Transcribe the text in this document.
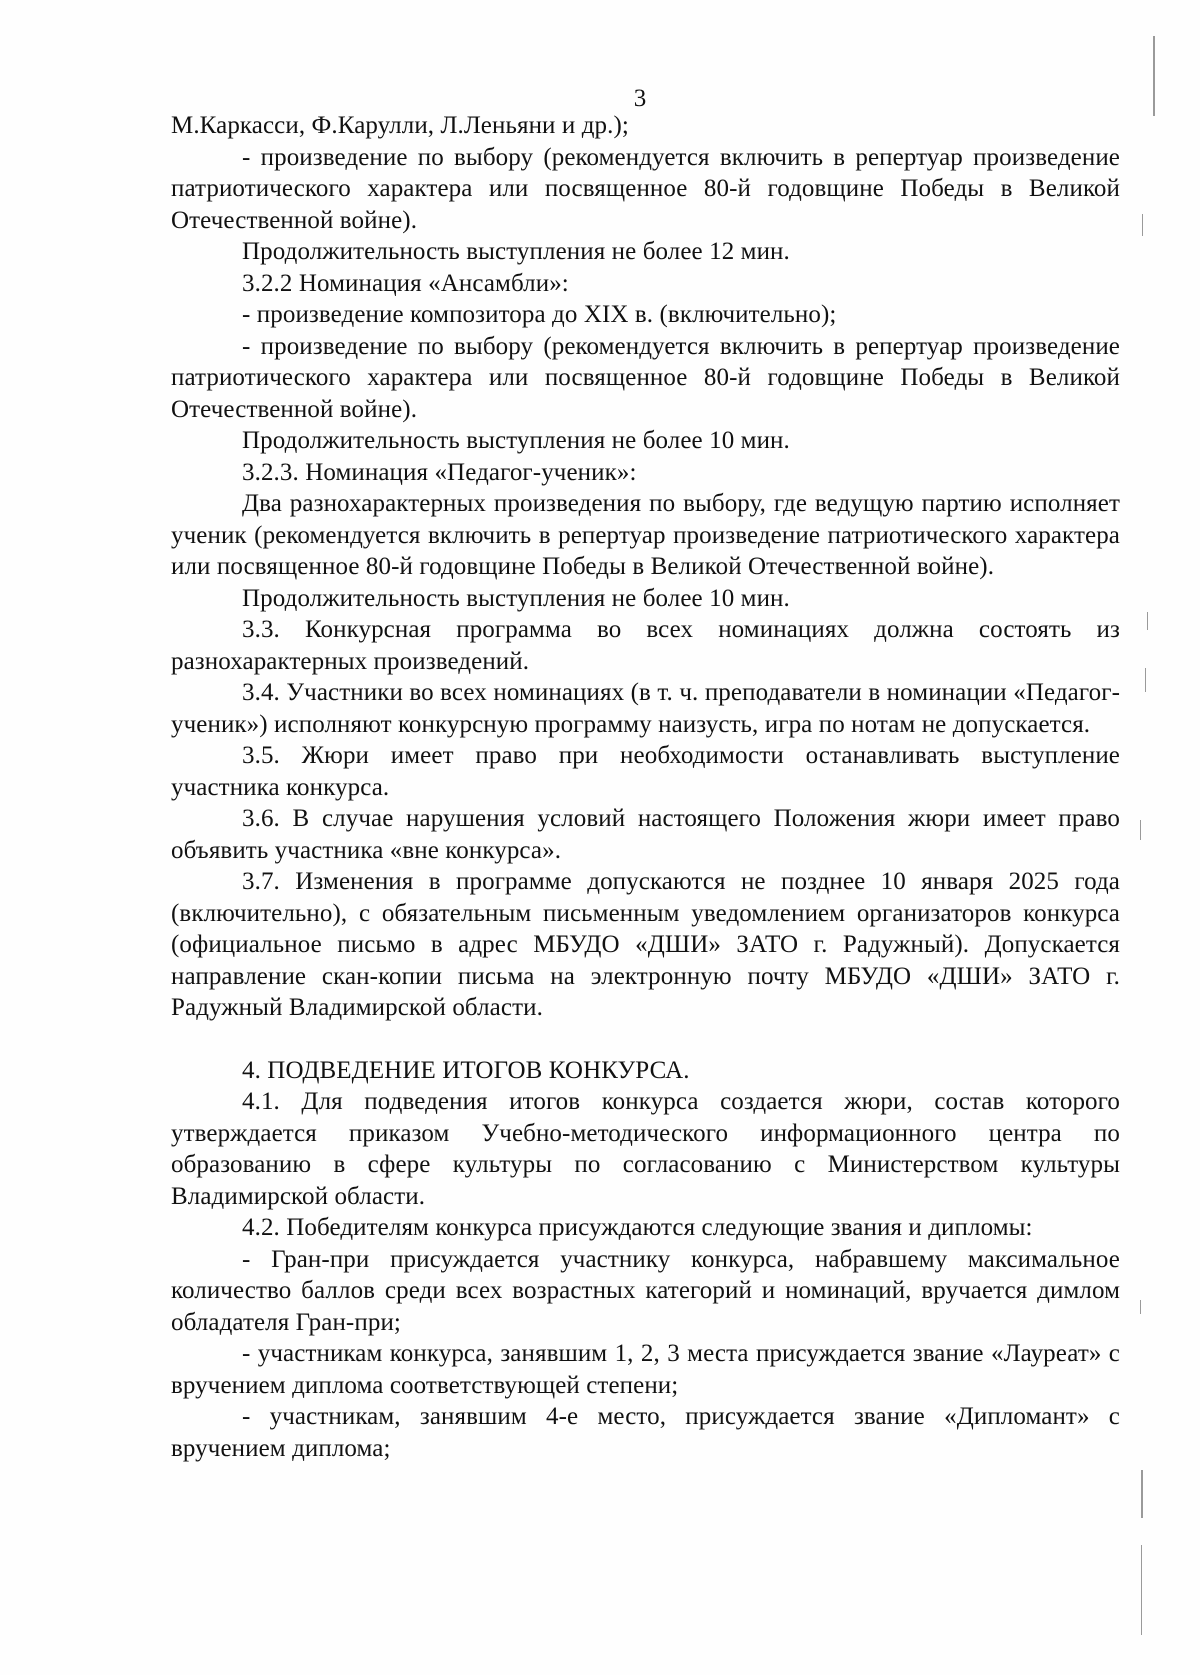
3

М.Каркасси, Ф.Карулли, Л.Леньяни и др.);

- произведение по выбору (рекомендуется включить в репертуар произведение патриотического характера или посвященное 80-й годовщине Победы в Великой Отечественной войне).

Продолжительность выступления не более 12 мин.

3.2.2 Номинация «Ансамбли»:

- произведение композитора до XIX в. (включительно);

- произведение по выбору (рекомендуется включить в репертуар произведение патриотического характера или посвященное 80-й годовщине Победы в Великой Отечественной войне).

Продолжительность выступления не более 10 мин.

3.2.3. Номинация «Педагог-ученик»:

Два разнохарактерных произведения по выбору, где ведущую партию исполняет ученик (рекомендуется включить в репертуар произведение патриотического характера или посвященное 80-й годовщине Победы в Великой Отечественной войне).

Продолжительность выступления не более 10 мин.

3.3. Конкурсная программа во всех номинациях должна состоять из разнохарактерных произведений.

3.4. Участники во всех номинациях (в т. ч. преподаватели в номинации «Педагог-ученик») исполняют конкурсную программу наизусть, игра по нотам не допускается.

3.5. Жюри имеет право при необходимости останавливать выступление участника конкурса.

3.6. В случае нарушения условий настоящего Положения жюри имеет право объявить участника «вне конкурса».

3.7. Изменения в программе допускаются не позднее 10 января 2025 года (включительно), с обязательным письменным уведомлением организаторов конкурса (официальное письмо в адрес МБУДО «ДШИ» ЗАТО г. Радужный). Допускается направление скан-копии письма на электронную почту МБУДО «ДШИ» ЗАТО г. Радужный Владимирской области.

4. ПОДВЕДЕНИЕ ИТОГОВ КОНКУРСА.

4.1. Для подведения итогов конкурса создается жюри, состав которого утверждается приказом Учебно-методического информационного центра по образованию в сфере культуры по согласованию с Министерством культуры Владимирской области.

4.2. Победителям конкурса присуждаются следующие звания и дипломы:

- Гран-при присуждается участнику конкурса, набравшему максимальное количество баллов среди всех возрастных категорий и номинаций, вручается димлом обладателя Гран-при;

- участникам конкурса, занявшим 1, 2, 3 места присуждается звание «Лауреат» с вручением диплома соответствующей степени;

- участникам, занявшим 4-е место, присуждается звание «Дипломант» с вручением диплома;
